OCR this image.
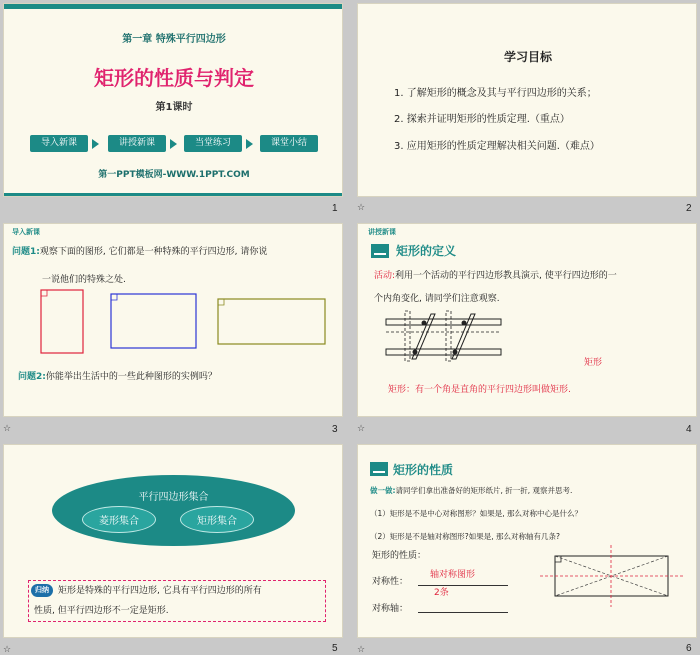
第一章 特殊平行四边形
矩形的性质与判定
第1课时
导入新课	讲授新课	当堂练习	课堂小结
第一PPT模板网-WWW.1PPT.COM
1
学习目标
1. 了解矩形的概念及其与平行四边形的关系；
2. 探索并证明矩形的性质定理.（重点）
3. 应用矩形的性质定理解决相关问题.（难点）
☆	2
导入新课
问题1:观察下面的图形, 它们都是一种特殊的平行四边形, 请你说
一说他们的特殊之处.
问题2:你能举出生活中的一些此种图形的实例吗？
☆	3
讲授新课
矩形的定义
活动:利用一个活动的平行四边形教具演示, 使平行四边形的一
个内角变化, 请同学们注意观察.
矩形
矩形：有一个角是直角的平行四边形叫做矩形.
☆	4
平行四边形集合
菱形集合	矩形集合
归纳	矩形是特殊的平行四边形, 它具有平行四边形的所有
性质, 但平行四边形不一定是矩形.
☆	5
矩形的性质
做一做:请同学们拿出准备好的矩形纸片, 折一折, 观察并思考.
（1）矩形是不是中心对称图形？如果是, 那么对称中心是什么？
（2）矩形是不是轴对称图形?如果是, 那么对称轴有几条?
矩形的性质：
对称性：
轴对称图形
2条
对称轴：
☆	6
